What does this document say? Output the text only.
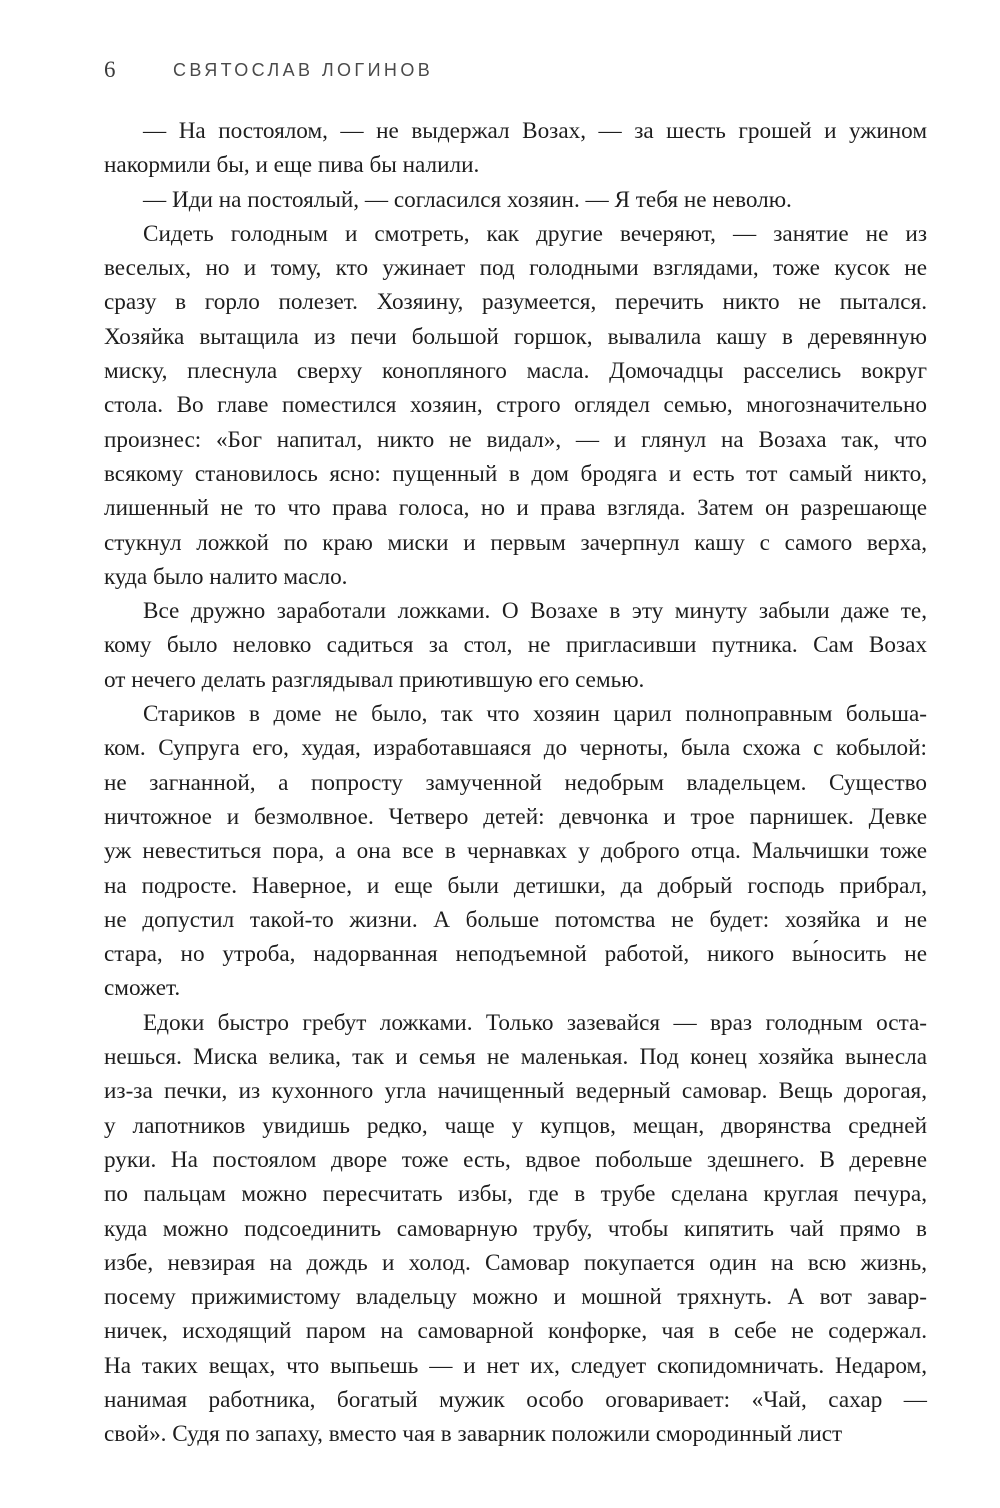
6	СВЯТОСЛАВ ЛОГИНОВ
— На постоялом, — не выдержал Возах, — за шесть грошей и ужином
накормили бы, и еще пива бы налили.
— Иди на постоялый, — согласился хозяин. — Я тебя не неволю.
Сидеть голодным и смотреть, как другие вечеряют, — занятие не из
веселых, но и тому, кто ужинает под голодными взглядами, тоже кусок не
сразу в горло полезет. Хозяину, разумеется, перечить никто не пытался.
Хозяйка вытащила из печи большой горшок, вывалила кашу в деревянную
миску, плеснула сверху конопляного масла. Домочадцы расселись вокруг
стола. Во главе поместился хозяин, строго оглядел семью, многозначительно
произнес: «Бог напитал, никто не видал», — и глянул на Возаха так, что
всякому становилось ясно: пущенный в дом бродяга и есть тот самый никто,
лишенный не то что права голоса, но и права взгляда. Затем он разрешающе
стукнул ложкой по краю миски и первым зачерпнул кашу с самого верха,
куда было налито масло.
Все дружно заработали ложками. О Возахе в эту минуту забыли даже те,
кому было неловко садиться за стол, не пригласивши путника. Сам Возах
от нечего делать разглядывал приютившую его семью.
Стариков в доме не было, так что хозяин царил полноправным больша-
ком. Супруга его, худая, изработавшаяся до черноты, была схожа с кобылой:
не загнанной, а попросту замученной недобрым владельцем. Существо
ничтожное и безмолвное. Четверо детей: девчонка и трое парнишек. Девке
уж невеститься пора, а она все в чернавках у доброго отца. Мальчишки тоже
на подросте. Наверное, и еще были детишки, да добрый господь прибрал,
не допустил такой-то жизни. А больше потомства не будет: хозяйка и не
стара, но утроба, надорванная неподъемной работой, никого вы́носить не
сможет.
Едоки быстро гребут ложками. Только зазевайся — враз голодным оста-
нешься. Миска велика, так и семья не маленькая. Под конец хозяйка вынесла
из-за печки, из кухонного угла начищенный ведерный самовар. Вещь дорогая,
у лапотников увидишь редко, чаще у купцов, мещан, дворянства средней
руки. На постоялом дворе тоже есть, вдвое побольше здешнего. В деревне
по пальцам можно пересчитать избы, где в трубе сделана круглая печура,
куда можно подсоединить самоварную трубу, чтобы кипятить чай прямо в
избе, невзирая на дождь и холод. Самовар покупается один на всю жизнь,
посему прижимистому владельцу можно и мошной тряхнуть. А вот завар-
ничек, исходящий паром на самоварной конфорке, чая в себе не содержал.
На таких вещах, что выпьешь — и нет их, следует скопидомничать. Недаром,
нанимая работника, богатый мужик особо оговаривает: «Чай, сахар —
свой». Судя по запаху, вместо чая в заварник положили смородинный лист
